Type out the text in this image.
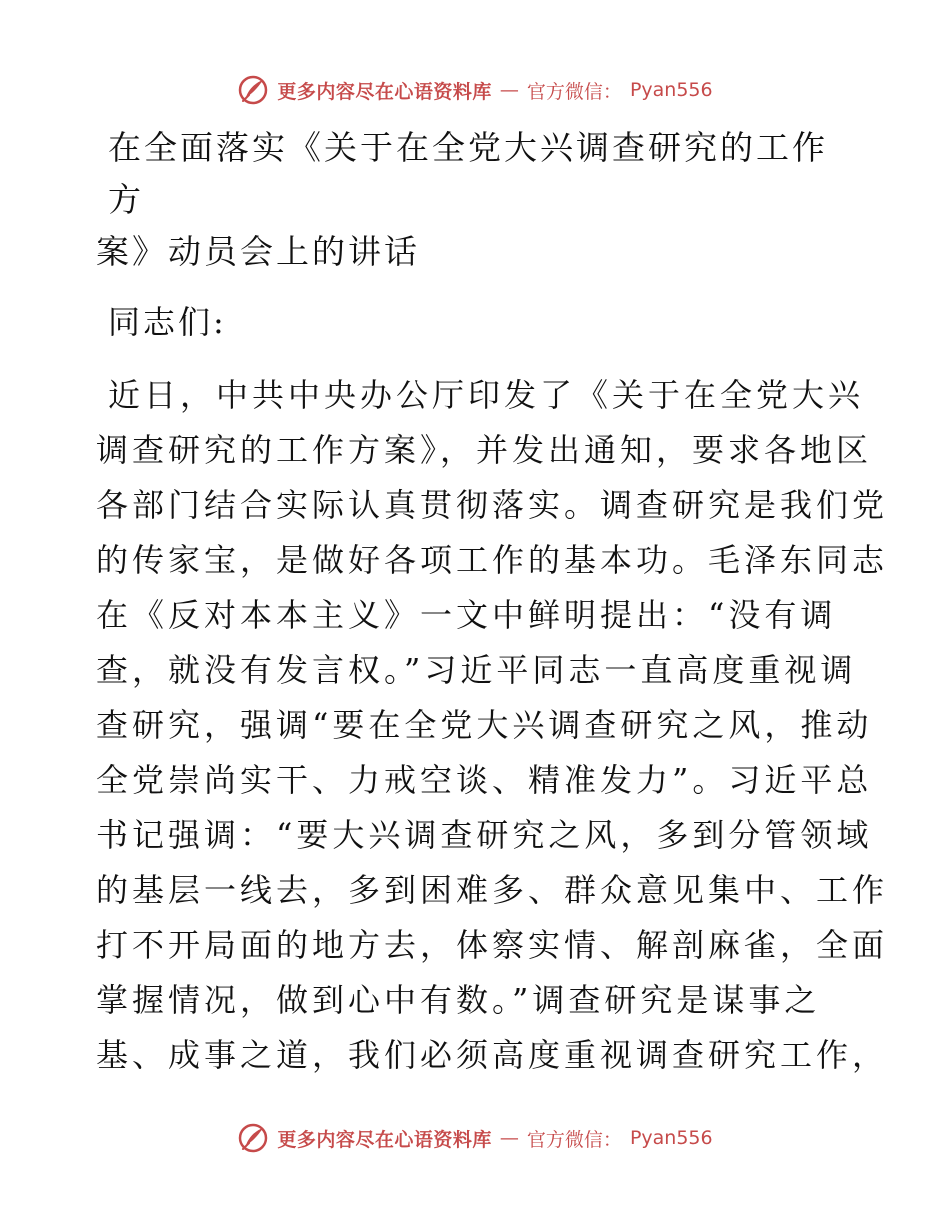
更多内容尽在心语资料库 — 官方微信： Pyan556
在全面落实《关于在全党大兴调查研究的工作方
案》动员会上的讲话

同志们:

近日，中共中央办公厅印发了《关于在全党大兴
调查研究的工作方案》，并发出通知，要求各地区
各部门结合实际认真贯彻落实。调查研究是我们党
的传家宝，是做好各项工作的基本功。毛泽东同志
在《反对本本主义》一文中鲜明提出：“没有调
查，就没有发言权。”习近平同志一直高度重视调
查研究，强调“要在全党大兴调查研究之风，推动
全党崇尚实干、力戒空谈、精准发力”。习近平总
书记强调：“要大兴调查研究之风，多到分管领域
的基层一线去，多到困难多、群众意见集中、工作
打不开局面的地方去，体察实情、解剖麻雀，全面
掌握情况，做到心中有数。”调查研究是谋事之
基、成事之道，我们必须高度重视调查研究工作，
更多内容尽在心语资料库 — 官方微信： Pyan556
